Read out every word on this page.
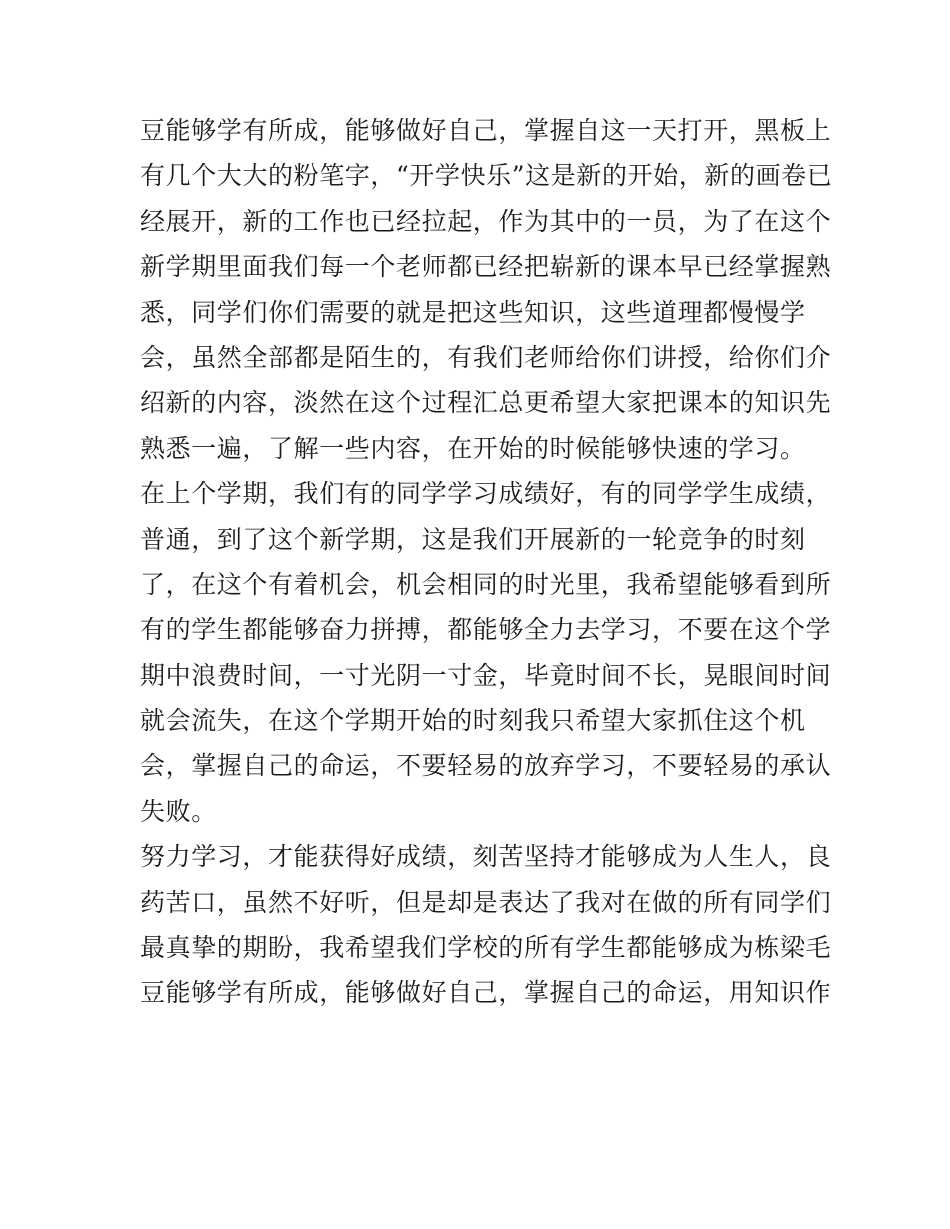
豆能够学有所成，能够做好自己，掌握自这一天打开，黑板上
有几个大大的粉笔字，“开学快乐”这是新的开始，新的画卷已
经展开，新的工作也已经拉起，作为其中的一员，为了在这个
新学期里面我们每一个老师都已经把崭新的课本早已经掌握熟
悉，同学们你们需要的就是把这些知识，这些道理都慢慢学
会，虽然全部都是陌生的，有我们老师给你们讲授，给你们介
绍新的内容，淡然在这个过程汇总更希望大家把课本的知识先
熟悉一遍，了解一些内容，在开始的时候能够快速的学习。
在上个学期，我们有的同学学习成绩好，有的同学学生成绩，
普通，到了这个新学期，这是我们开展新的一轮竞争的时刻
了，在这个有着机会，机会相同的时光里，我希望能够看到所
有的学生都能够奋力拼搏，都能够全力去学习，不要在这个学
期中浪费时间，一寸光阴一寸金，毕竟时间不长，晃眼间时间
就会流失，在这个学期开始的时刻我只希望大家抓住这个机
会，掌握自己的命运，不要轻易的放弃学习，不要轻易的承认
失败。
努力学习，才能获得好成绩，刻苦坚持才能够成为人生人，良
药苦口，虽然不好听，但是却是表达了我对在做的所有同学们
最真挚的期盼，我希望我们学校的所有学生都能够成为栋梁毛
豆能够学有所成，能够做好自己，掌握自己的命运，用知识作
